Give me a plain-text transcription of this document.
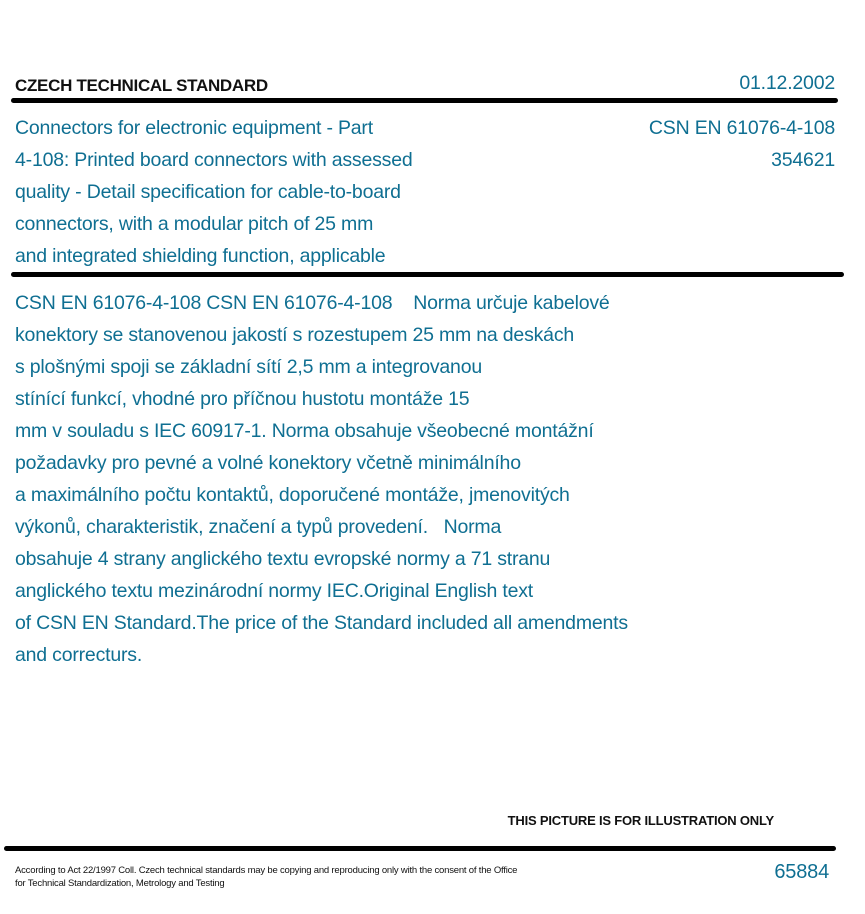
CZECH TECHNICAL STANDARD	01.12.2002
Connectors for electronic equipment - Part
4-108: Printed board connectors with assessed
quality - Detail specification for cable-to-board
connectors, with a modular pitch of 25 mm
and integrated shielding function, applicable
CSN EN 61076-4-108
354621
CSN EN 61076-4-108 CSN EN 61076-4-108    Norma určuje kabelové
konektory se stanovenou jakostí s rozestupem 25 mm na deskách
s plošnými spoji se základní sítí 2,5 mm a integrovanou
stínící funkcí, vhodné pro příčnou hustotu montáže 15
mm v souladu s IEC 60917-1. Norma obsahuje všeobecné montážní
požadavky pro pevné a volné konektory včetně minimálního
a maximálního počtu kontaktů, doporučené montáže, jmenovitých
výkonů, charakteristik, značení a typů provedení.   Norma
obsahuje 4 strany anglického textu evropské normy a 71 stranu
anglického textu mezinárodní normy IEC.Original English text
of CSN EN Standard.The price of the Standard included all amendments
and correcturs.
THIS PICTURE IS FOR ILLUSTRATION ONLY
According to Act 22/1997 Coll. Czech technical standards may be copying and reproducing only with the consent of the Office
for Technical Standardization, Metrology and Testing
65884
